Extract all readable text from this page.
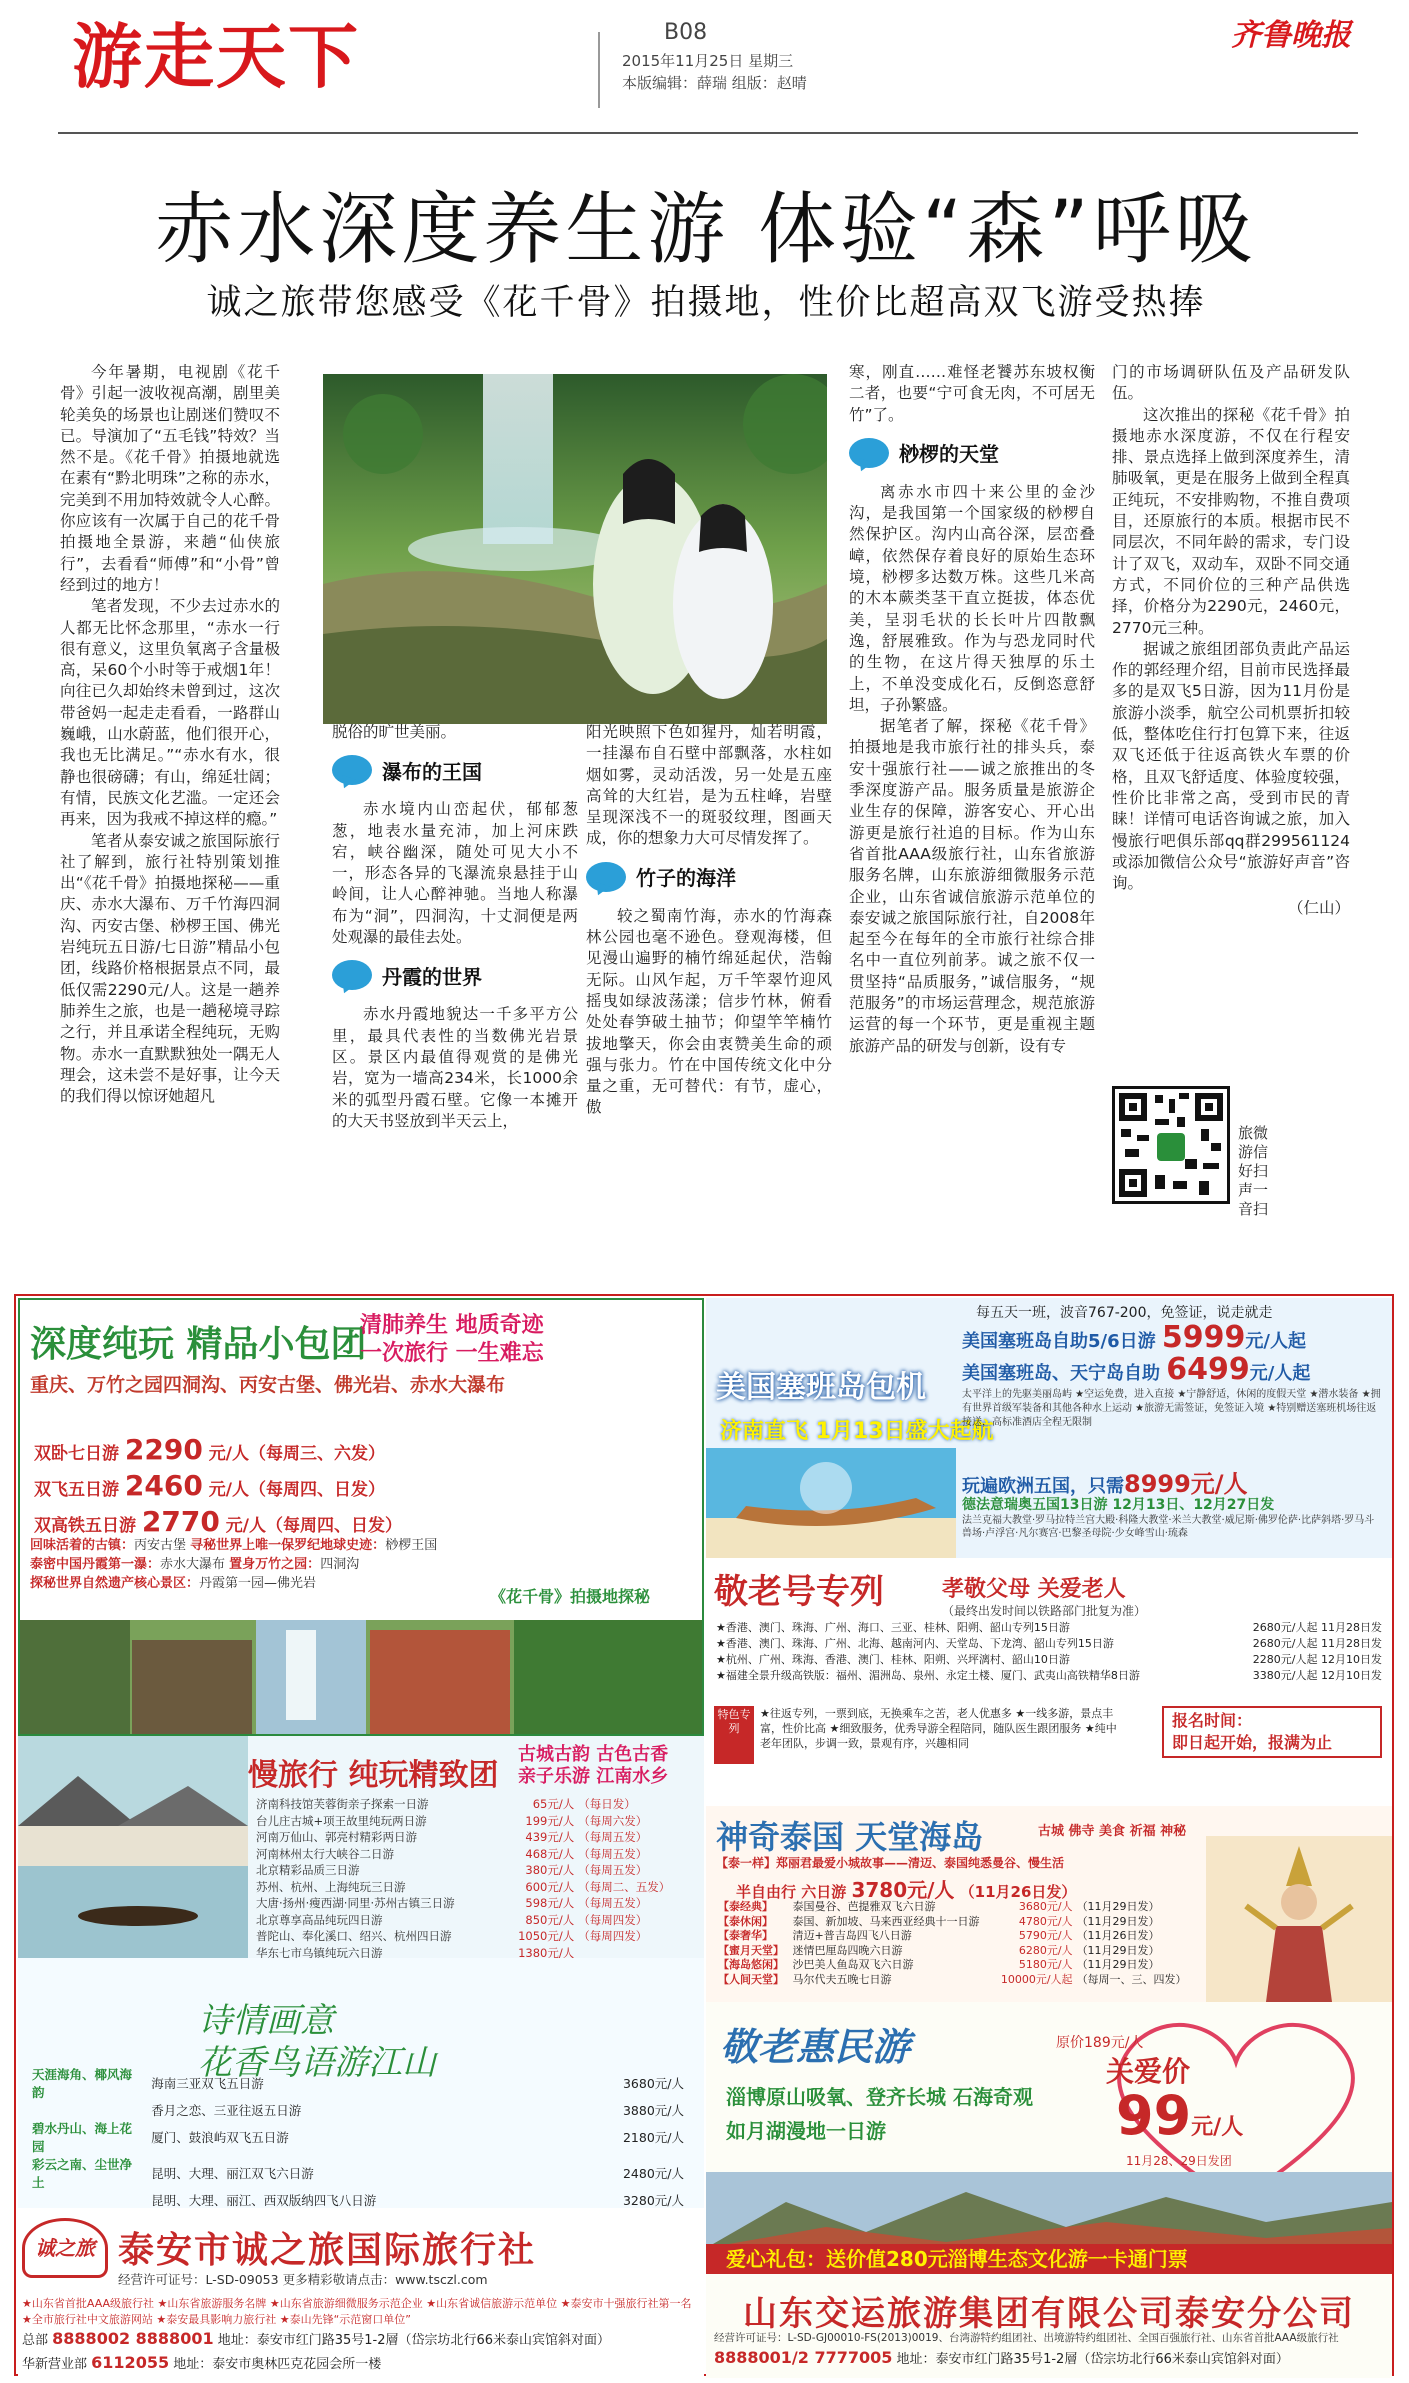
游走天下	B08
2015年11月25日 星期三
本版编辑：薛瑞 组版：赵晴
齐鲁晚报
赤水深度养生游 体验“森”呼吸
诚之旅带您感受《花千骨》拍摄地，性价比超高双飞游受热捧

今年暑期，电视剧《花千骨》引起一波收视高潮，剧里美轮美奂的场景也让剧迷们赞叹不已。导演加了“五毛钱”特效？当然不是。《花千骨》拍摄地就选在素有“黔北明珠”之称的赤水，完美到不用加特效就令人心醉。你应该有一次属于自己的花千骨拍摄地全景游，来趟“仙侠旅行”，去看看“师傅”和“小骨”曾经到过的地方！

笔者发现，不少去过赤水的人都无比怀念那里，“赤水一行很有意义，这里负氧离子含量极高，呆60个小时等于戒烟1年！向往已久却始终未曾到过，这次带爸妈一起走走看看，一路群山巍峨，山水蔚蓝，他们很开心，我也无比满足。”“赤水有水，很静也很磅礴；有山，绵延壮阔；有情，民族文化艺滥。一定还会再来，因为我戒不掉这样的瘾。”

笔者从泰安诚之旅国际旅行社了解到，旅行社特别策划推出“《花千骨》拍摄地探秘——重庆、赤水大瀑布、万千竹海四洞沟、丙安古堡、桫椤王国、佛光岩纯玩五日游/七日游”精品小包团，线路价格根据景点不同，最低仅需2290元/人。这是一趟养肺养生之旅，也是一趟秘境寻踪之行，并且承诺全程纯玩，无购物。赤水一直默默独处一隅无人理会，这未尝不是好事，让今天的我们得以惊讶她超凡

脱俗的旷世美丽。
瀑布的王国

赤水境内山峦起伏，郁郁葱葱，地表水量充沛，加上河床跌宕，峡谷幽深，随处可见大小不一，形态各异的飞瀑流泉悬挂于山岭间，让人心醉神驰。当地人称瀑布为“洞”，四洞沟，十丈洞便是两处观瀑的最佳去处。

丹霞的世界

赤水丹霞地貌达一千多平方公里，最具代表性的当数佛光岩景区。景区内最值得观赏的是佛光岩，宽为一墙高234米，长1000余米的弧型丹霞石壁。它像一本摊开的大天书竖放到半天云上，

阳光映照下色如猩丹，灿若明霞，一挂瀑布自石壁中部飘落，水柱如烟如雾，灵动活泼，另一处是五座高耸的大红岩，是为五柱峰，岩壁呈现深浅不一的斑驳纹理，图画天成，你的想象力大可尽情发挥了。
竹子的海洋

较之蜀南竹海，赤水的竹海森林公园也毫不逊色。登观海楼，但见漫山遍野的楠竹绵延起伏，浩翰无际。山风乍起，万千竿翠竹迎风摇曳如绿波荡漾；信步竹林，俯看处处春笋破土抽节；仰望竿竿楠竹拔地擎天，你会由衷赞美生命的顽强与张力。竹在中国传统文化中分量之重，无可替代：有节，虚心，傲

寒，刚直……难怪老饕苏东坡权衡二者，也要“宁可食无肉，不可居无竹”了。
桫椤的天堂

离赤水市四十来公里的金沙沟，是我国第一个国家级的桫椤自然保护区。沟内山高谷深，层峦叠嶂，依然保存着良好的原始生态环境，桫椤多达数万株。这些几米高的木本蕨类茎干直立挺拔，体态优美，呈羽毛状的长长叶片四散飘逸，舒展雅致。作为与恐龙同时代的生物，在这片得天独厚的乐土上，不单没变成化石，反倒恣意舒坦，子孙繁盛。

据笔者了解，探秘《花千骨》拍摄地是我市旅行社的排头兵，泰安十强旅行社——诚之旅推出的冬季深度游产品。服务质量是旅游企业生存的保障，游客安心、开心出游更是旅行社追的目标。作为山东省首批AAA级旅行社，山东省旅游服务名牌，山东旅游细微服务示范企业，山东省诚信旅游示范单位的泰安诚之旅国际旅行社，自2008年起至今在每年的全市旅行社综合排名中一直位列前茅。诚之旅不仅一贯坚持“品质服务，”诚信服务，“规范服务”的市场运营理念，规范旅游运营的每一个环节，更是重视主题旅游产品的研发与创新，设有专

门的市场调研队伍及产品研发队伍。

这次推出的探秘《花千骨》拍摄地赤水深度游，不仅在行程安排、景点选择上做到深度养生，清肺吸氧，更是在服务上做到全程真正纯玩，不安排购物，不推自费项目，还原旅行的本质。根据市民不同层次，不同年龄的需求，专门设计了双飞，双动车，双卧不同交通方式，不同价位的三种产品供选择，价格分为2290元，2460元，2770元三种。

据诚之旅组团部负责此产品运作的郭经理介绍，目前市民选择最多的是双飞5日游，因为11月份是旅游小淡季，航空公司机票折扣较低，整体吃住行打包算下来，往返双飞还低于往返高铁火车票的价格，且双飞舒适度、体验度较强，性价比非常之高，受到市民的青睐！详情可电话咨询诚之旅，加入慢旅行吧俱乐部qq群299561124或添加微信公众号“旅游好声音”咨询。

（仁山）
旅微
游信
好扫
声一
音扫
深度纯玩 精品小包团
清肺养生 地质奇迹
一次旅行 一生难忘
重庆、万竹之园四洞沟、丙安古堡、佛光岩、赤水大瀑布
双卧七日游 2290 元/人（每周三、六发）
双飞五日游 2460 元/人（每周四、日发）
双高铁五日游 2770 元/人（每周四、日发）
回味活着的古镇：丙安古堡 寻秘世界上唯一保罗纪地球史迹：桫椤王国
泰密中国丹霞第一瀑：赤水大瀑布 置身万竹之园：四洞沟
探秘世界自然遗产核心景区：丹霞第一园—佛光岩
《花千骨》拍摄地探秘
慢旅行 纯玩精致团
古城古韵 古色古香
亲子乐游 江南水乡
济南科技馆芙蓉街亲子探索一日游	65元/人	（每日发）
台儿庄古城+项王故里纯玩两日游	199元/人	（每周六发）
河南万仙山、郭亮村精彩两日游	439元/人	（每周五发）
河南林州太行大峡谷二日游	468元/人	（每周五发）
北京精彩品质三日游	380元/人	（每周五发）
苏州、杭州、上海纯玩三日游	600元/人	（每周二、五发）
大唐·扬州·瘦西湖·同里·苏州古镇三日游	598元/人	（每周五发）
北京尊享高品纯玩四日游	850元/人	（每周四发）
普陀山、奉化溪口、绍兴、杭州四日游	1050元/人	（每周四发）
华东七市乌镇纯玩六日游	1380元/人	
诗情画意
花香鸟语游江山
天涯海角、椰风海韵	海南三亚双飞五日游	3680元/人
	香月之恋、三亚往返五日游	3880元/人
碧水丹山、海上花园	厦门、鼓浪屿双飞五日游	2180元/人
彩云之南、尘世净土	昆明、大理、丽江双飞六日游	2480元/人
	昆明、大理、丽江、西双版纳四飞八日游	3280元/人

诚之旅 泰安市诚之旅国际旅行社
经营许可证号：L-SD-09053 更多精彩敬请点击：www.tsczl.com
★山东省首批AAA级旅行社 ★山东省旅游服务名牌 ★山东省旅游细微服务示范企业 ★山东省诚信旅游示范单位 ★泰安市十强旅行社第一名 ★全市旅行社中文旅游网站 ★泰安最具影响力旅行社 ★泰山先锋“示范窗口单位”
总部 8888002 8888001 地址：泰安市红门路35号1-2層（岱宗坊北行66米泰山宾馆斜对面）
华新营业部 6112055 地址：泰安市奥林匹克花园会所一楼
每五天一班，波音767-200，免签证，说走就走
美国塞班岛自助5/6日游 5999元/人起
美国塞班岛、天宁岛自助 6499元/人起
美国塞班岛包机
济南直飞 1月13日盛大起航
太平洋上的先驱美丽岛屿 ★空运免费，进入直接 ★宁静舒适，休闲的度假天堂 ★潜水装备 ★拥有世界首级军装备和其他各种水上运动 ★旅游无需签证，免签证入境 ★特别赠送塞班机场往返接送，高标准酒店全程无限制
玩遍欧洲五国，只需8999元/人
德法意瑞奥五国13日游 12月13日、12月27日发
法兰克福大教堂·罗马拉特兰宫大殿·科隆大教堂·米兰大教堂·威尼斯·佛罗伦萨·比萨斜塔·罗马斗兽场·卢浮宫·凡尔赛宫·巴黎圣母院·少女峰雪山·琉森
敬老号专列	孝敬父母 关爱老人
（最终出发时间以铁路部门批复为准）
★香港、澳门、珠海、广州、海口、三亚、桂林、阳朔、韶山专列15日游	2680元/人起 11月28日发
★香港、澳门、珠海、广州、北海、越南河内、天堂岛、下龙湾、韶山专列15日游	2680元/人起 11月28日发
★杭州、广州、珠海、香港、澳门、桂林、阳朔、兴坪漓村、韶山10日游	2280元/人起 12月10日发
★福建全景升级高铁版：福州、湄洲岛、泉州、永定土楼、厦门、武夷山高铁精华8日游	3380元/人起 12月10日发
特色专列
★往返专列，一票到底，无换乘车之苦，老人优惠多 ★一线多游，景点丰富，性价比高 ★细致服务，优秀导游全程陪同，随队医生跟团服务 ★纯中老年团队，步调一致，景观有序，兴趣相同
报名时间：
即日起开始，报满为止
神奇泰国 天堂海岛	古城 佛寺 美食 祈福 神秘
【泰一样】郑丽君最爱小城故事——清迈、泰国纯悉曼谷、慢生活
半自由行 六日游 3780元/人 （11月26日发）
【泰经典】	泰国曼谷、芭提雅双飞六日游	3680元/人	（11月29日发）
【泰休闲】	泰国、新加坡、马来西亚经典十一日游	4780元/人	（11月29日发）
【泰奢华】	清迈+普吉岛四飞八日游	5790元/人	（11月26日发）
【蜜月天堂】	迷情巴厘岛四晚六日游	6280元/人	（11月29日发）
【海岛悠闲】	沙巴美人鱼岛双飞六日游	5180元/人	（11月29日发）
【人间天堂】	马尔代夫五晚七日游	10000元/人起	（每周一、三、四发）
敬老惠民游	原价189元/人
关爱价
99元/人
11月28、29日发团
淄博原山吸氧、登齐长城 石海奇观
如月湖漫地一日游
爱心礼包：送价值280元淄博生态文化游一卡通门票
山东交运旅游集团有限公司泰安分公司
经营许可证号：L-SD-GJ00010-FS(2013)0019、台湾游特约组团社、出境游特约组团社、全国百强旅行社、山东省首批AAA级旅行社
8888001/2 7777005 地址：泰安市红门路35号1-2層（岱宗坊北行66米泰山宾馆斜对面）
